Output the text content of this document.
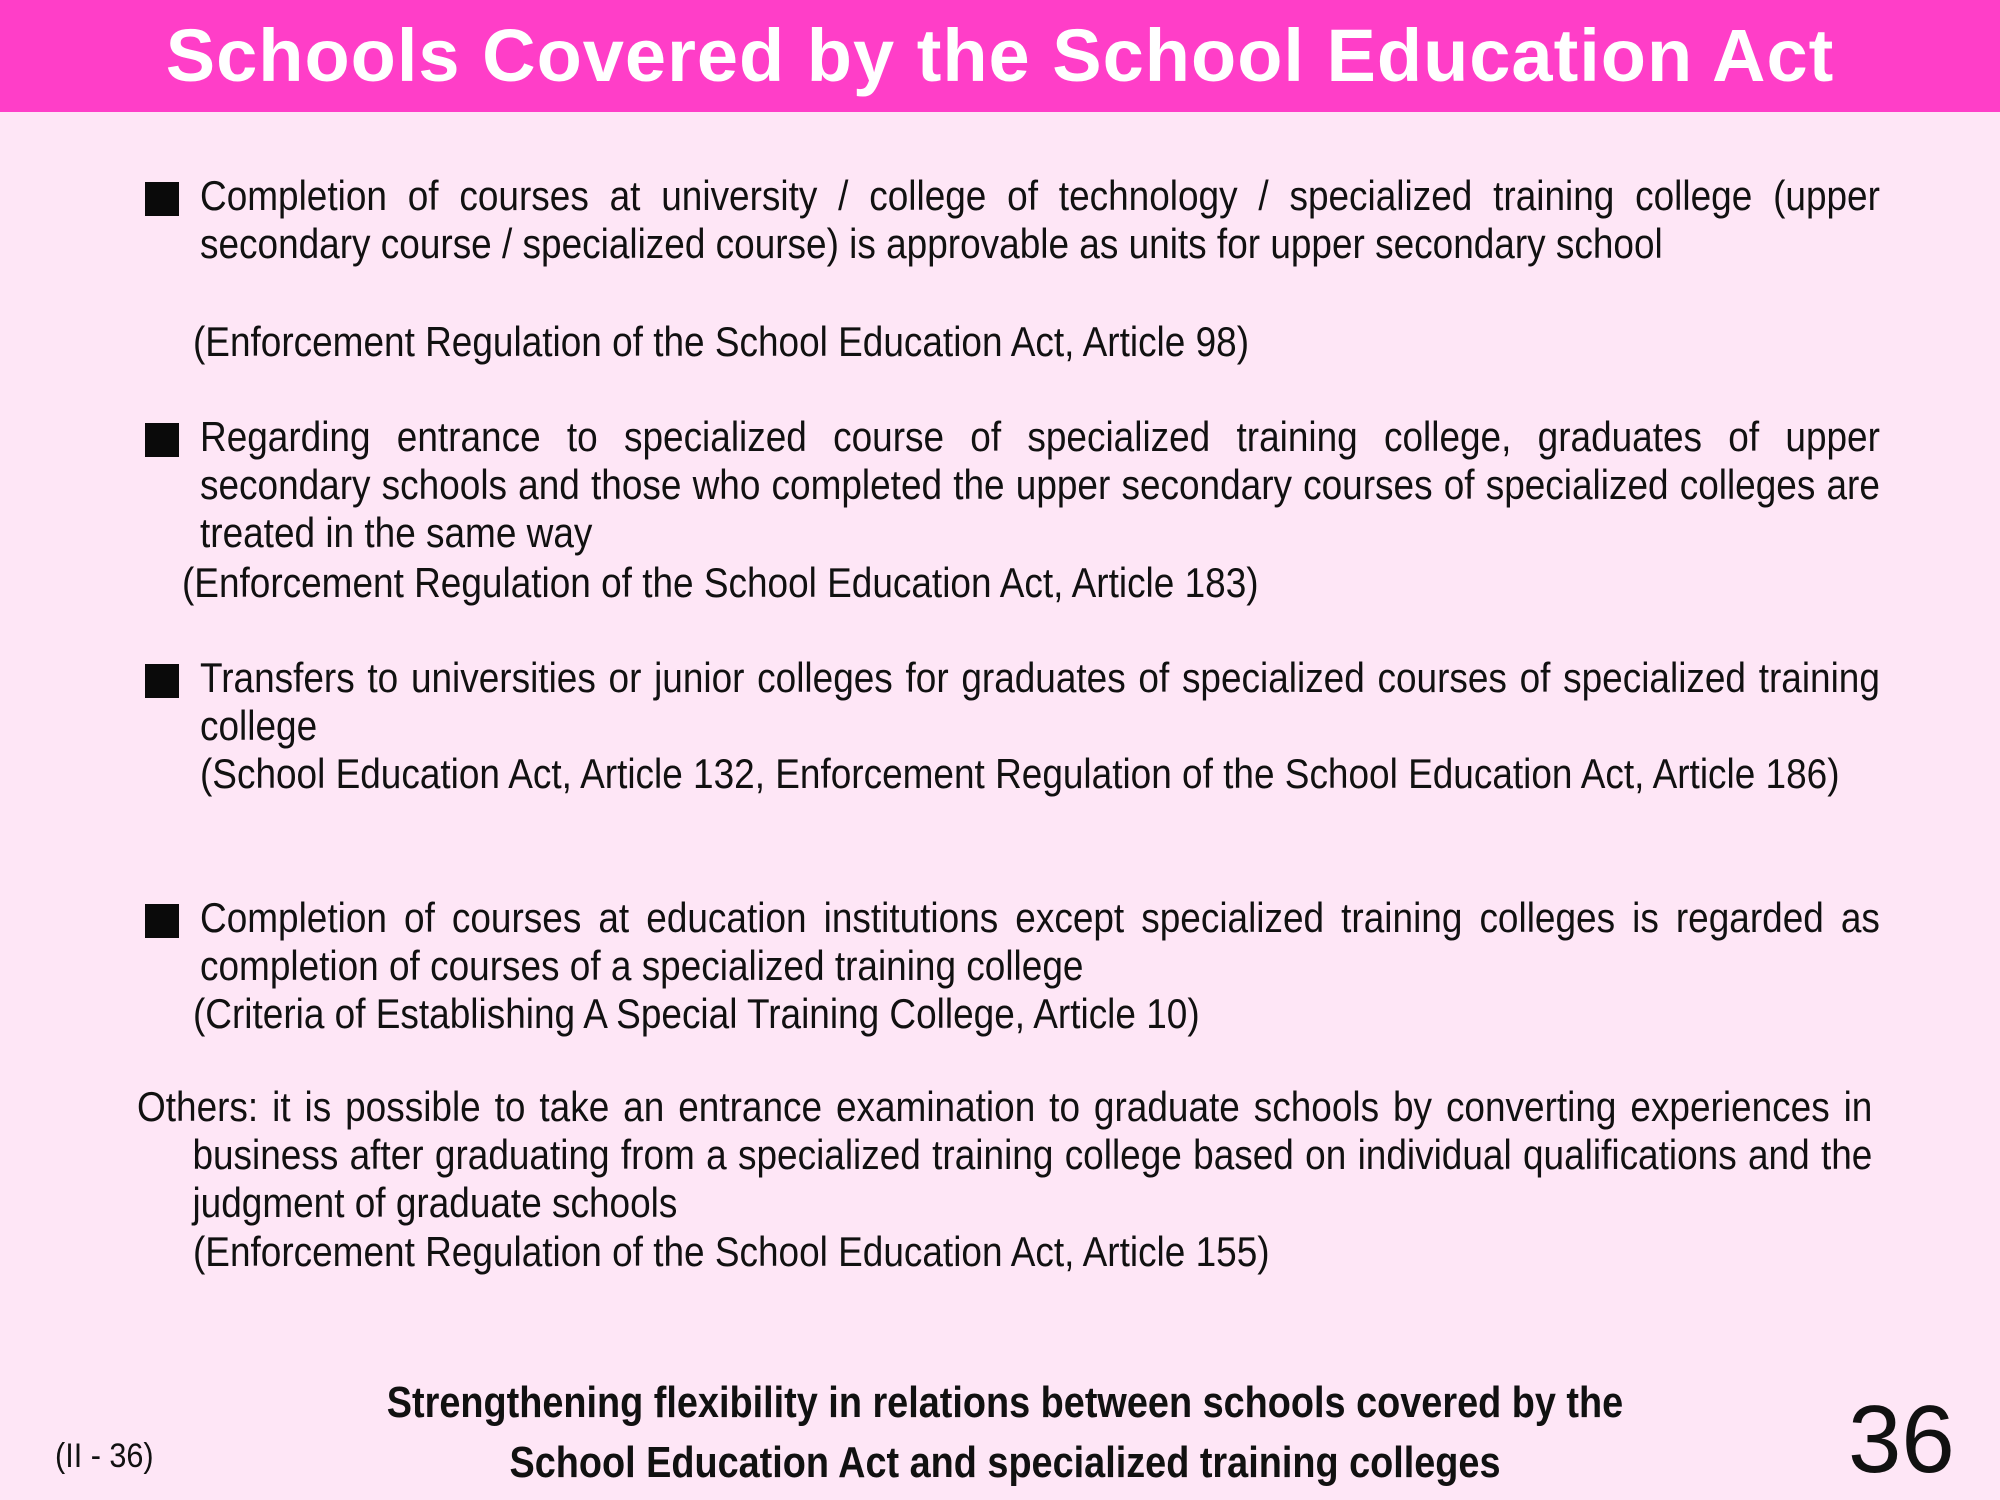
Schools Covered by the School Education Act

Completion of courses at university / college of technology / specialized training college (upper secondary course / specialized course) is approvable as units for upper secondary school

(Enforcement Regulation of the School Education Act, Article 98)

Regarding entrance to specialized course of specialized training college, graduates of upper secondary schools and those who completed the upper secondary courses of specialized colleges are treated in the same way

(Enforcement Regulation of the School Education Act, Article 183)

Transfers to universities or junior colleges for graduates of specialized courses of specialized training college

(School Education Act, Article 132, Enforcement Regulation of the School Education Act, Article 186)

Completion of courses at education institutions except specialized training colleges is regarded as completion of courses of a specialized training college

(Criteria of Establishing A Special Training College, Article 10)

Others: it is possible to take an entrance examination to graduate schools by converting experiences in business after graduating from a specialized training college based on individual qualifications and the judgment of graduate schools

(Enforcement Regulation of the School Education Act, Article 155)
(II - 36)
Strengthening flexibility in relations between schools covered by the
School Education Act and specialized training colleges	36
